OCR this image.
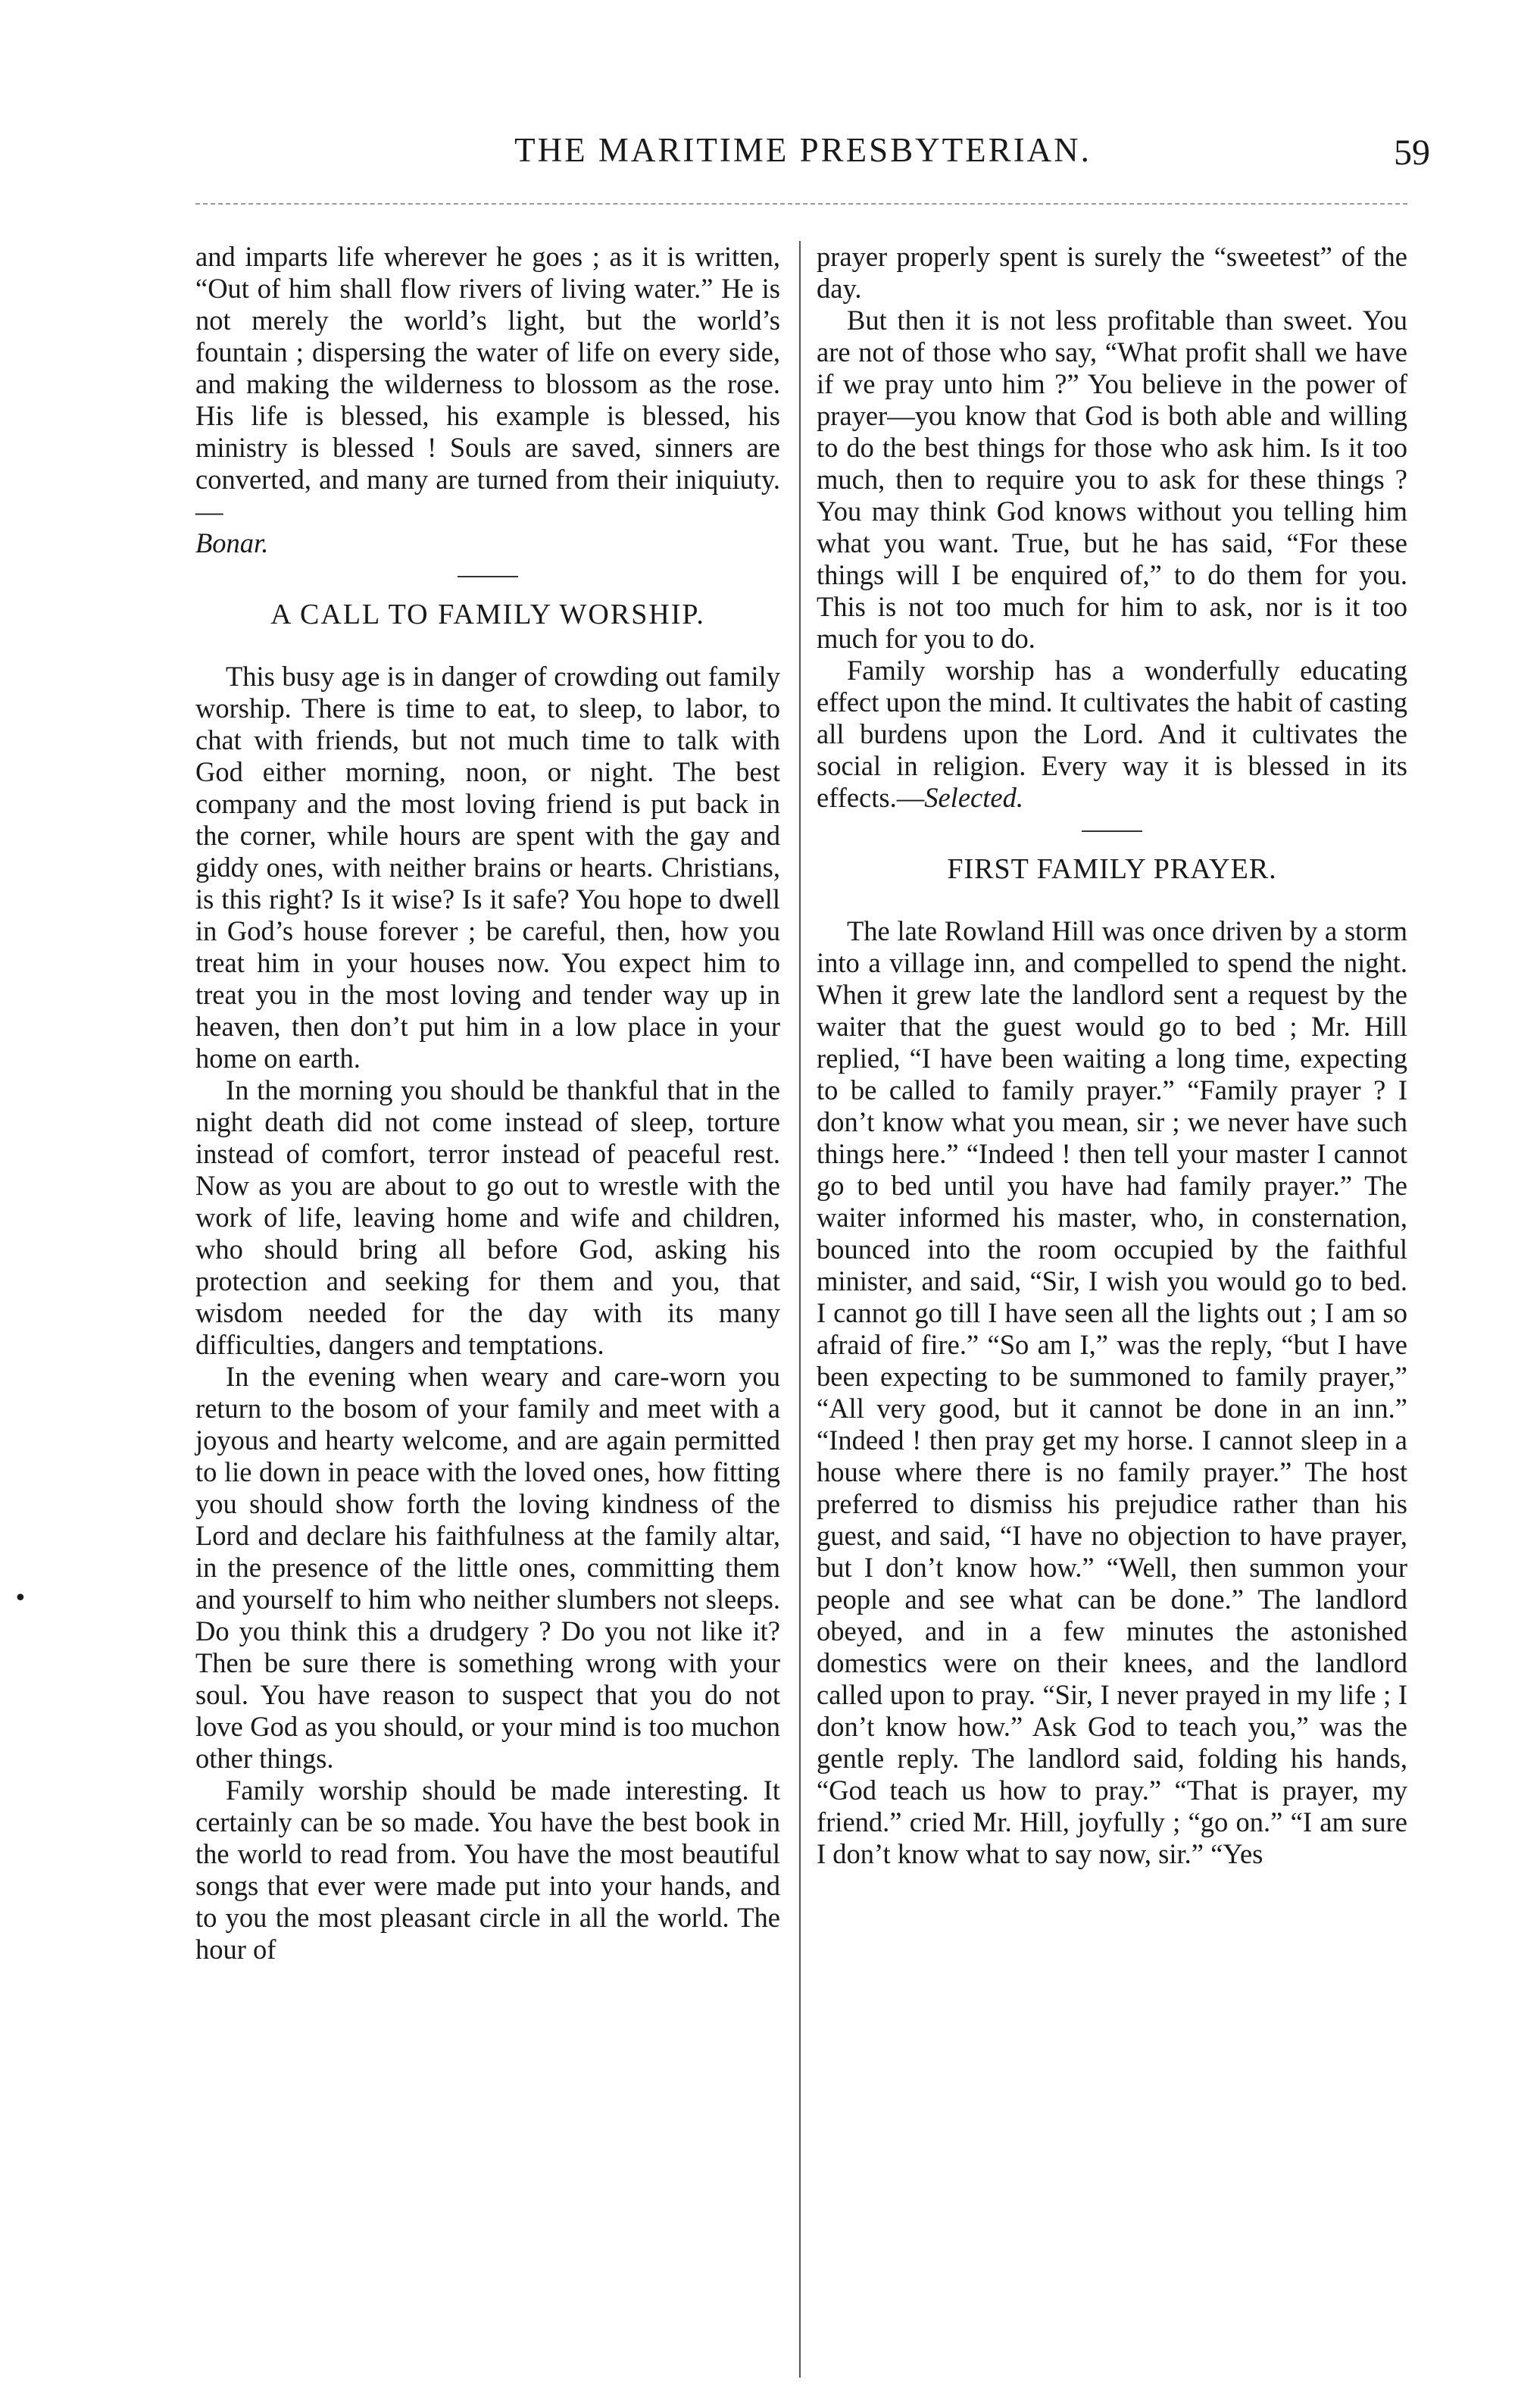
THE MARITIME PRESBYTERIAN.	59
•

and imparts life wherever he goes ; as it is written, “Out of him shall flow rivers of living water.” He is not merely the world’s light, but the world’s fountain ; dispersing the water of life on every side, and making the wilderness to blossom as the rose. His life is blessed, his example is blessed, his ministry is blessed ! Souls are saved, sinners are converted, and many are turned from their iniquiuty.—
Bonar.

A CALL TO FAMILY WORSHIP.

This busy age is in danger of crowding out family worship. There is time to eat, to sleep, to labor, to chat with friends, but not much time to talk with God either morning, noon, or night. The best company and the most loving friend is put back in the corner, while hours are spent with the gay and giddy ones, with neither brains or hearts. Christians, is this right? Is it wise? Is it safe? You hope to dwell in God’s house forever ; be careful, then, how you treat him in your houses now. You expect him to treat you in the most loving and tender way up in heaven, then don’t put him in a low place in your home on earth.

In the morning you should be thankful that in the night death did not come instead of sleep, torture instead of comfort, terror instead of peaceful rest. Now as you are about to go out to wrestle with the work of life, leaving home and wife and children, who should bring all before God, asking his protection and seeking for them and you, that wisdom needed for the day with its many difficulties, dangers and temptations.

In the evening when weary and care-worn you return to the bosom of your family and meet with a joyous and hearty welcome, and are again permitted to lie down in peace with the loved ones, how fitting you should show forth the loving kindness of the Lord and declare his faithfulness at the family altar, in the presence of the little ones, committing them and yourself to him who neither slumbers not sleeps. Do you think this a drudgery ? Do you not like it? Then be sure there is something wrong with your soul. You have reason to suspect that you do not love God as you should, or your mind is too muchon other things.

Family worship should be made interesting. It certainly can be so made. You have the best book in the world to read from. You have the most beautiful songs that ever were made put into your hands, and to you the most pleasant circle in all the world. The hour of

prayer properly spent is surely the “sweetest” of the day.

But then it is not less profitable than sweet. You are not of those who say, “What profit shall we have if we pray unto him ?” You believe in the power of prayer—you know that God is both able and willing to do the best things for those who ask him. Is it too much, then to require you to ask for these things ? You may think God knows without you telling him what you want. True, but he has said, “For these things will I be enquired of,” to do them for you. This is not too much for him to ask, nor is it too much for you to do.

Family worship has a wonderfully educating effect upon the mind. It cultivates the habit of casting all burdens upon the Lord. And it cultivates the social in religion. Every way it is blessed in its effects.—Selected.

FIRST FAMILY PRAYER.

The late Rowland Hill was once driven by a storm into a village inn, and compelled to spend the night. When it grew late the landlord sent a request by the waiter that the guest would go to bed ; Mr. Hill replied, “I have been waiting a long time, expecting to be called to family prayer.” “Family prayer ? I don’t know what you mean, sir ; we never have such things here.” “Indeed ! then tell your master I cannot go to bed until you have had family prayer.” The waiter informed his master, who, in consternation, bounced into the room occupied by the faithful minister, and said, “Sir, I wish you would go to bed. I cannot go till I have seen all the lights out ; I am so afraid of fire.” “So am I,” was the reply, “but I have been expecting to be summoned to family prayer,” “All very good, but it cannot be done in an inn.” “Indeed ! then pray get my horse. I cannot sleep in a house where there is no family prayer.” The host preferred to dismiss his prejudice rather than his guest, and said, “I have no objection to have prayer, but I don’t know how.” “Well, then summon your people and see what can be done.” The landlord obeyed, and in a few minutes the astonished domestics were on their knees, and the landlord called upon to pray. “Sir, I never prayed in my life ; I don’t know how.” Ask God to teach you,” was the gentle reply. The landlord said, folding his hands, “God teach us how to pray.” “That is prayer, my friend.” cried Mr. Hill, joyfully ; “go on.” “I am sure I don’t know what to say now, sir.” “Yes
